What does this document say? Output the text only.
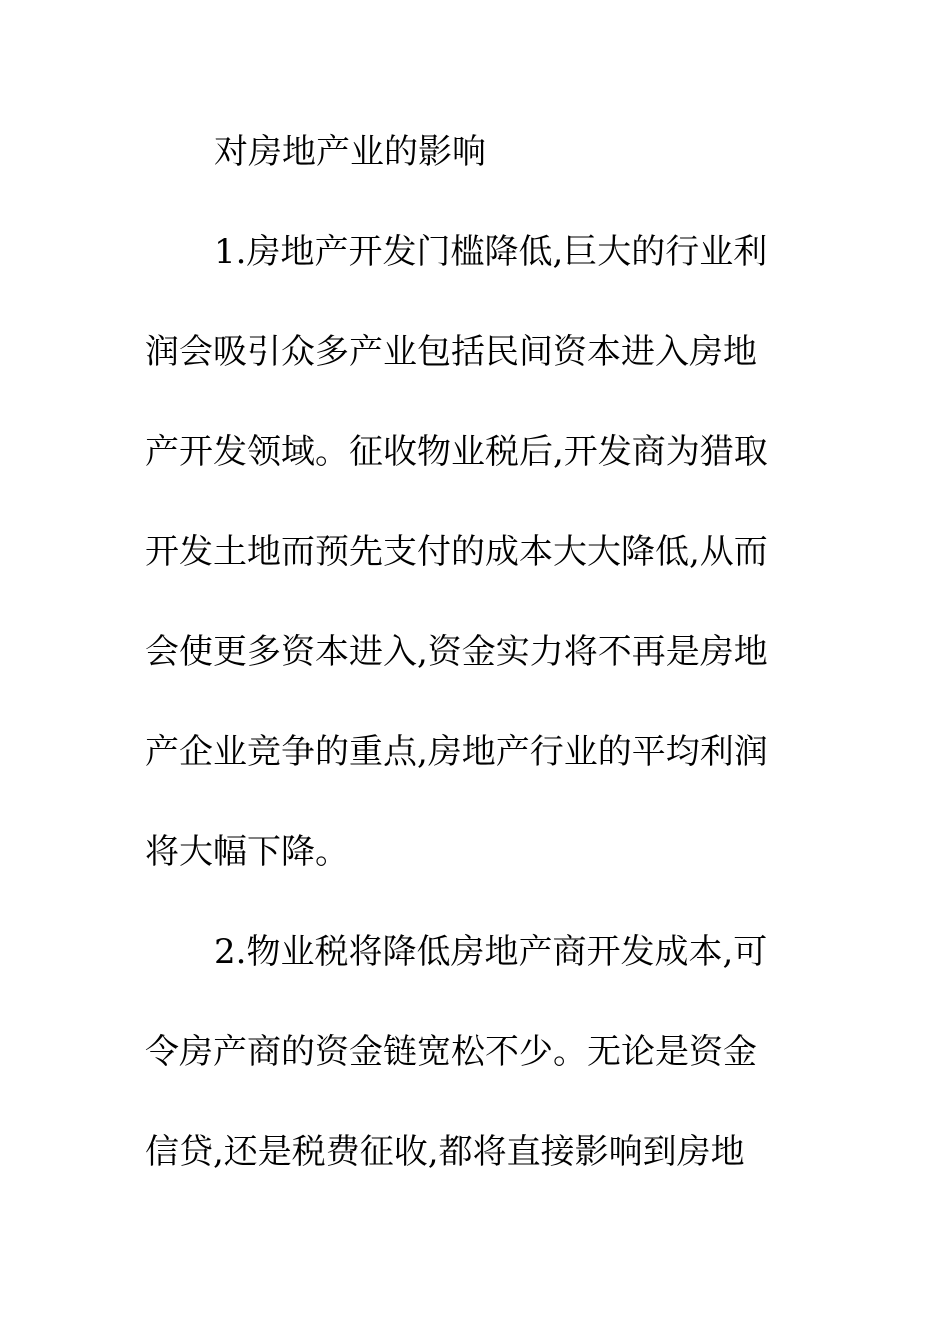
对房地产业的影响
1.房地产开发门槛降低,巨大的行业利
润会吸引众多产业包括民间资本进入房地
产开发领域。征收物业税后,开发商为猎取
开发土地而预先支付的成本大大降低,从而
会使更多资本进入,资金实力将不再是房地
产企业竞争的重点,房地产行业的平均利润
将大幅下降。
2.物业税将降低房地产商开发成本,可
令房产商的资金链宽松不少。无论是资金
信贷,还是税费征收,都将直接影响到房地
